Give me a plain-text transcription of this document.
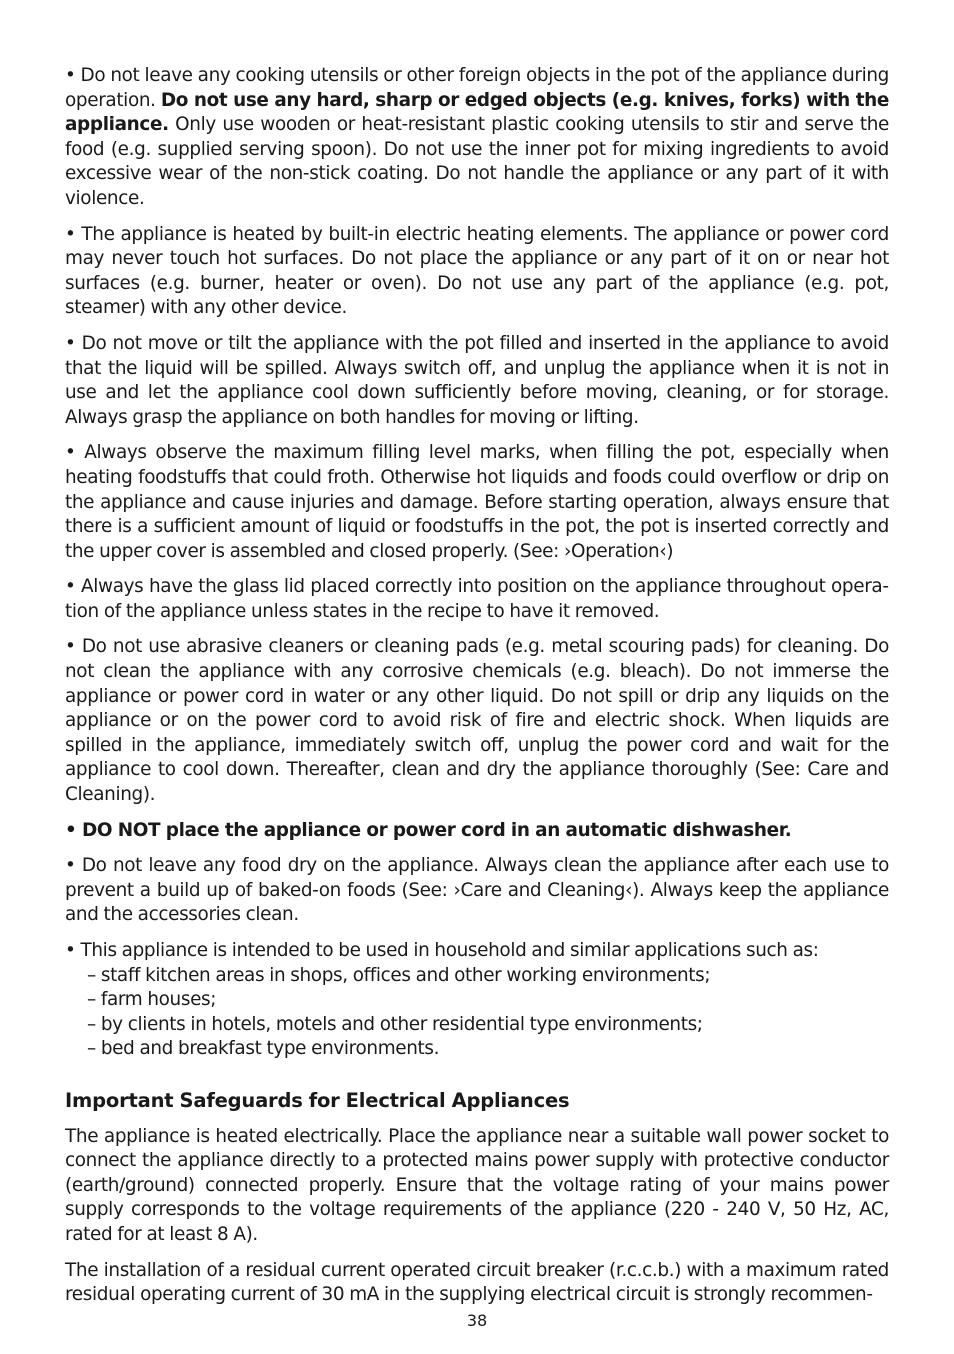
• Do not leave any cooking utensils or other foreign objects in the pot of the appliance during operation. Do not use any hard, sharp or edged objects (e.g. knives, forks) with the appliance. Only use wooden or heat-resistant plastic cooking utensils to stir and serve the food (e.g. supplied serving spoon). Do not use the inner pot for mixing ingredients to avoid excessive wear of the non-stick coating. Do not handle the appliance or any part of it with violence.

• The appliance is heated by built-in electric heating elements. The appliance or power cord may never touch hot surfaces. Do not place the appliance or any part of it on or near hot surfaces (e.g. burner, heater or oven). Do not use any part of the appliance (e.g. pot, steamer) with any other device.

• Do not move or tilt the appliance with the pot filled and inserted in the appliance to avoid that the liquid will be spilled. Always switch off, and unplug the appliance when it is not in use and let the appliance cool down sufficiently before moving, cleaning, or for storage. Always grasp the appliance on both handles for moving or lifting.

• Always observe the maximum filling level marks, when filling the pot, especially when heating foodstuffs that could froth. Otherwise hot liquids and foods could overflow or drip on the appliance and cause injuries and damage. Before starting operation, always ensure that there is a sufficient amount of liquid or foodstuffs in the pot, the pot is inserted correctly and the upper cover is assembled and closed properly. (See: ›Operation‹)

• Always have the glass lid placed correctly into position on the appliance throughout operation of the appliance unless states in the recipe to have it removed.

• Do not use abrasive cleaners or cleaning pads (e.g. metal scouring pads) for cleaning. Do not clean the appliance with any corrosive chemicals (e.g. bleach). Do not immerse the appliance or power cord in water or any other liquid. Do not spill or drip any liquids on the appliance or on the power cord to avoid risk of fire and electric shock. When liquids are spilled in the appliance, immediately switch off, unplug the power cord and wait for the appliance to cool down. Thereafter, clean and dry the appliance thoroughly (See: Care and Cleaning).

• DO NOT place the appliance or power cord in an automatic dishwasher.

• Do not leave any food dry on the appliance. Always clean the appliance after each use to prevent a build up of baked-on foods (See: ›Care and Cleaning‹). Always keep the appliance and the accessories clean.

• This appliance is intended to be used in household and similar applications such as:

– staff kitchen areas in shops, offices and other working environments;

– farm houses;

– by clients in hotels, motels and other residential type environments;

– bed and breakfast type environments.

Important Safeguards for Electrical Appliances

The appliance is heated electrically. Place the appliance near a suitable wall power socket to connect the appliance directly to a protected mains power supply with protective conductor (earth/ground) connected properly. Ensure that the voltage rating of your mains power supply corresponds to the voltage requirements of the appliance (220 - 240 V, 50 Hz, AC, rated for at least 8 A).

The installation of a residual current operated circuit breaker (r.c.c.b.) with a maximum rated residual operating current of 30 mA in the supplying electrical circuit is strongly recommen-

38
